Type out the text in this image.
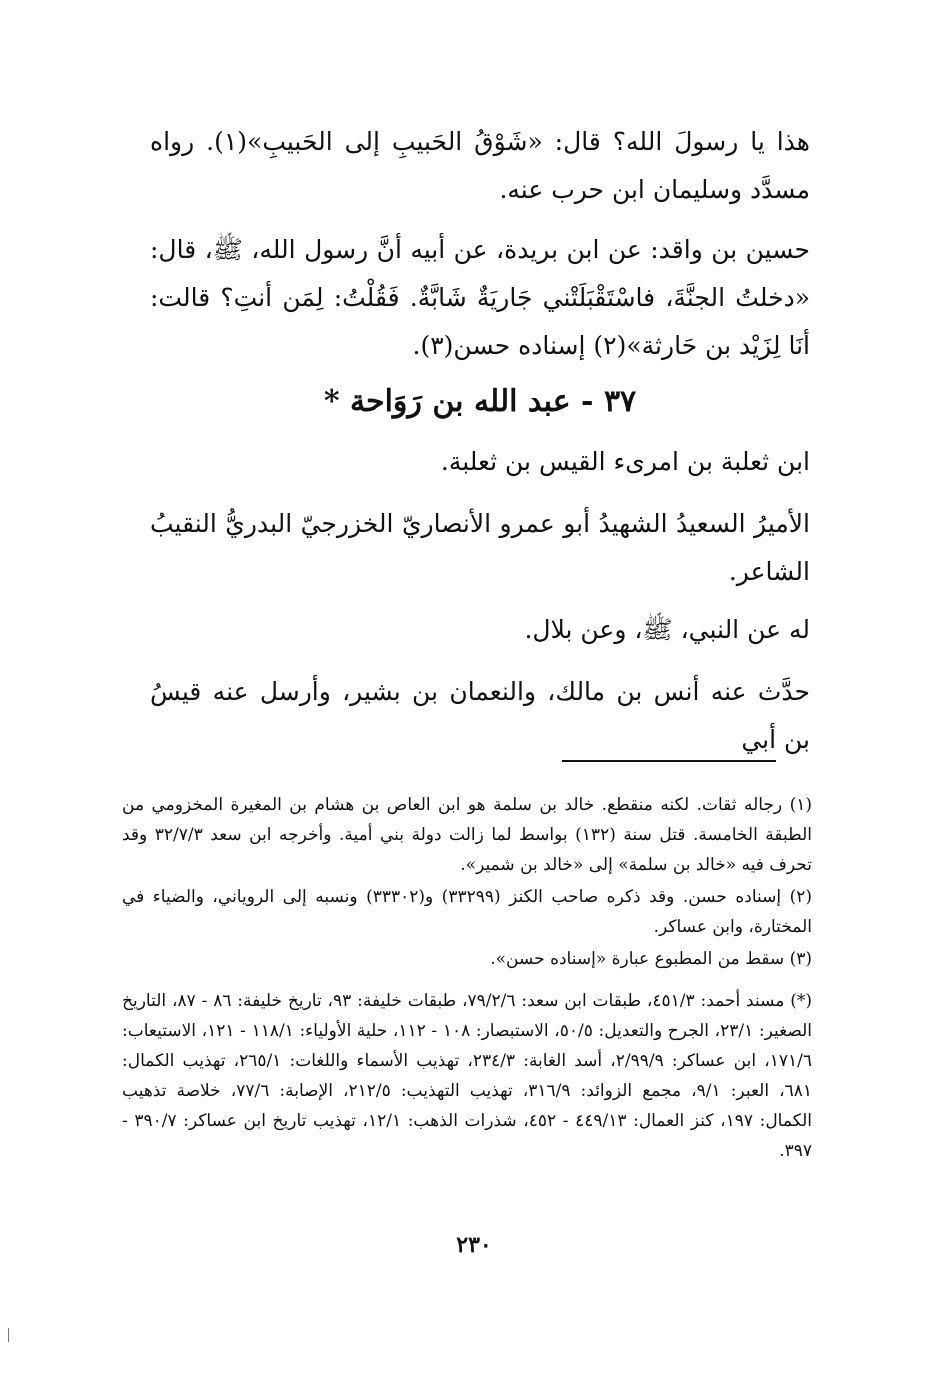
هذا يا رسولَ الله؟ قال: «شَوْقُ الحَبيبِ إلى الحَبيبِ»(١). رواه مسدَّد وسليمان ابن حرب عنه.

حسين بن واقد: عن ابن بريدة، عن أبيه أنَّ رسول الله، ﷺ، قال: «دخلتُ الجنَّةَ، فاسْتَقْبَلَتْني جَاريَةٌ شَابَّةٌ. فَقُلْتُ: لِمَن أنتِ؟ قالت: أنَا لِزَيْد بن حَارثة»(٢) إسناده حسن(٣).

٣٧ - عبد الله بن رَوَاحة *

ابن ثعلبة بن امرىء القيس بن ثعلبة.

الأميرُ السعيدُ الشهيدُ أبو عمرو الأنصاريّ الخزرجيّ البدريُّ النقيبُ الشاعر.

له عن النبي، ﷺ، وعن بلال.

حدَّث عنه أنس بن مالك، والنعمان بن بشير، وأرسل عنه قيسُ بن أبي

(١) رجاله ثقات. لكنه منقطع. خالد بن سلمة هو ابن العاص بن هشام بن المغيرة المخزومي من الطبقة الخامسة. قتل سنة (١٣٢) بواسط لما زالت دولة بني أمية. وأخرجه ابن سعد ٣٢/٧/٣ وقد تحرف فيه «خالد بن سلمة» إلى «خالد بن شمير».

(٢) إسناده حسن. وقد ذكره صاحب الكنز (٣٣٢٩٩) و(٣٣٣٠٢) ونسبه إلى الروياني، والضياء في المختارة، وابن عساكر.

(٣) سقط من المطبوع عبارة «إسناده حسن».

(*) مسند أحمد: ٤٥١/٣، طبقات ابن سعد: ٧٩/٢/٦، طبقات خليفة: ٩٣، تاريخ خليفة: ٨٦ - ٨٧، التاريخ الصغير: ٢٣/١، الجرح والتعديل: ٥٠/٥، الاستبصار: ١٠٨ - ١١٢، حلية الأولياء: ١١٨/١ - ١٢١، الاستيعاب: ١٧١/٦، ابن عساكر: ٢/٩٩/٩، أسد الغابة: ٢٣٤/٣، تهذيب الأسماء واللغات: ٢٦٥/١، تهذيب الكمال: ٦٨١، العبر: ٩/١، مجمع الزوائد: ٣١٦/٩، تهذيب التهذيب: ٢١٢/٥، الإصابة: ٧٧/٦، خلاصة تذهيب الكمال: ١٩٧، كنز العمال: ٤٤٩/١٣ - ٤٥٢، شذرات الذهب: ١٢/١، تهذيب تاريخ ابن عساكر: ٣٩٠/٧ - ٣٩٧.

٢٣٠
